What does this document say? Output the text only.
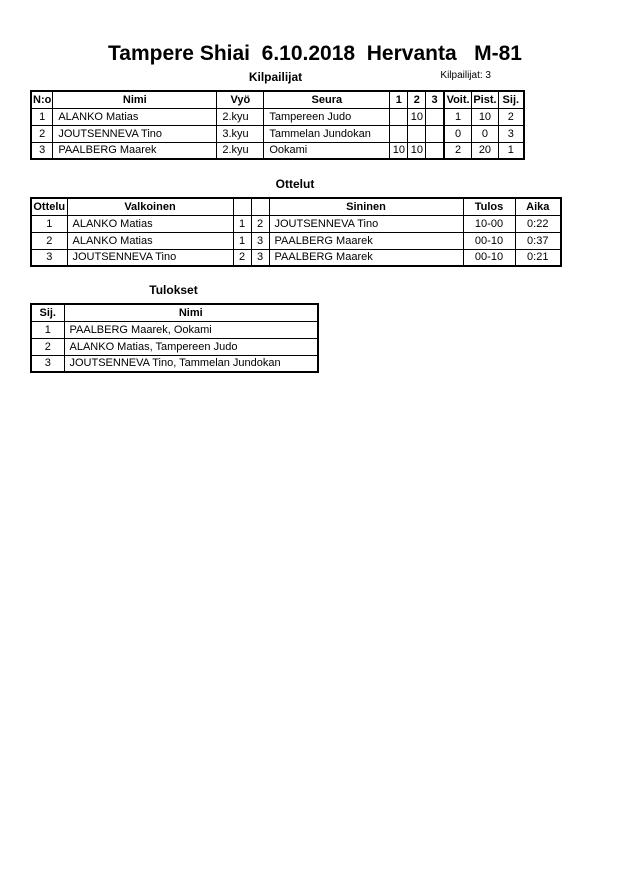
Tampere Shiai  6.10.2018  Hervanta   M-81
Kilpailijat	Kilpailijat: 3
N:o	Nimi	Vyö	Seura	1	2	3	Voit.	Pist.	Sij.
1	ALANKO Matias	2.kyu	Tampereen Judo		10		1	10	2
2	JOUTSENNEVA Tino	3.kyu	Tammelan Jundokan				0	0	3
3	PAALBERG Maarek	2.kyu	Ookami	10	10		2	20	1
Ottelut
Ottelu	Valkoinen			Sininen	Tulos	Aika
1	ALANKO Matias	1	2	JOUTSENNEVA Tino	10-00	0:22
2	ALANKO Matias	1	3	PAALBERG Maarek	00-10	0:37
3	JOUTSENNEVA Tino	2	3	PAALBERG Maarek	00-10	0:21
Tulokset
Sij.	Nimi
1	PAALBERG Maarek, Ookami
2	ALANKO Matias, Tampereen Judo
3	JOUTSENNEVA Tino, Tammelan Jundokan
